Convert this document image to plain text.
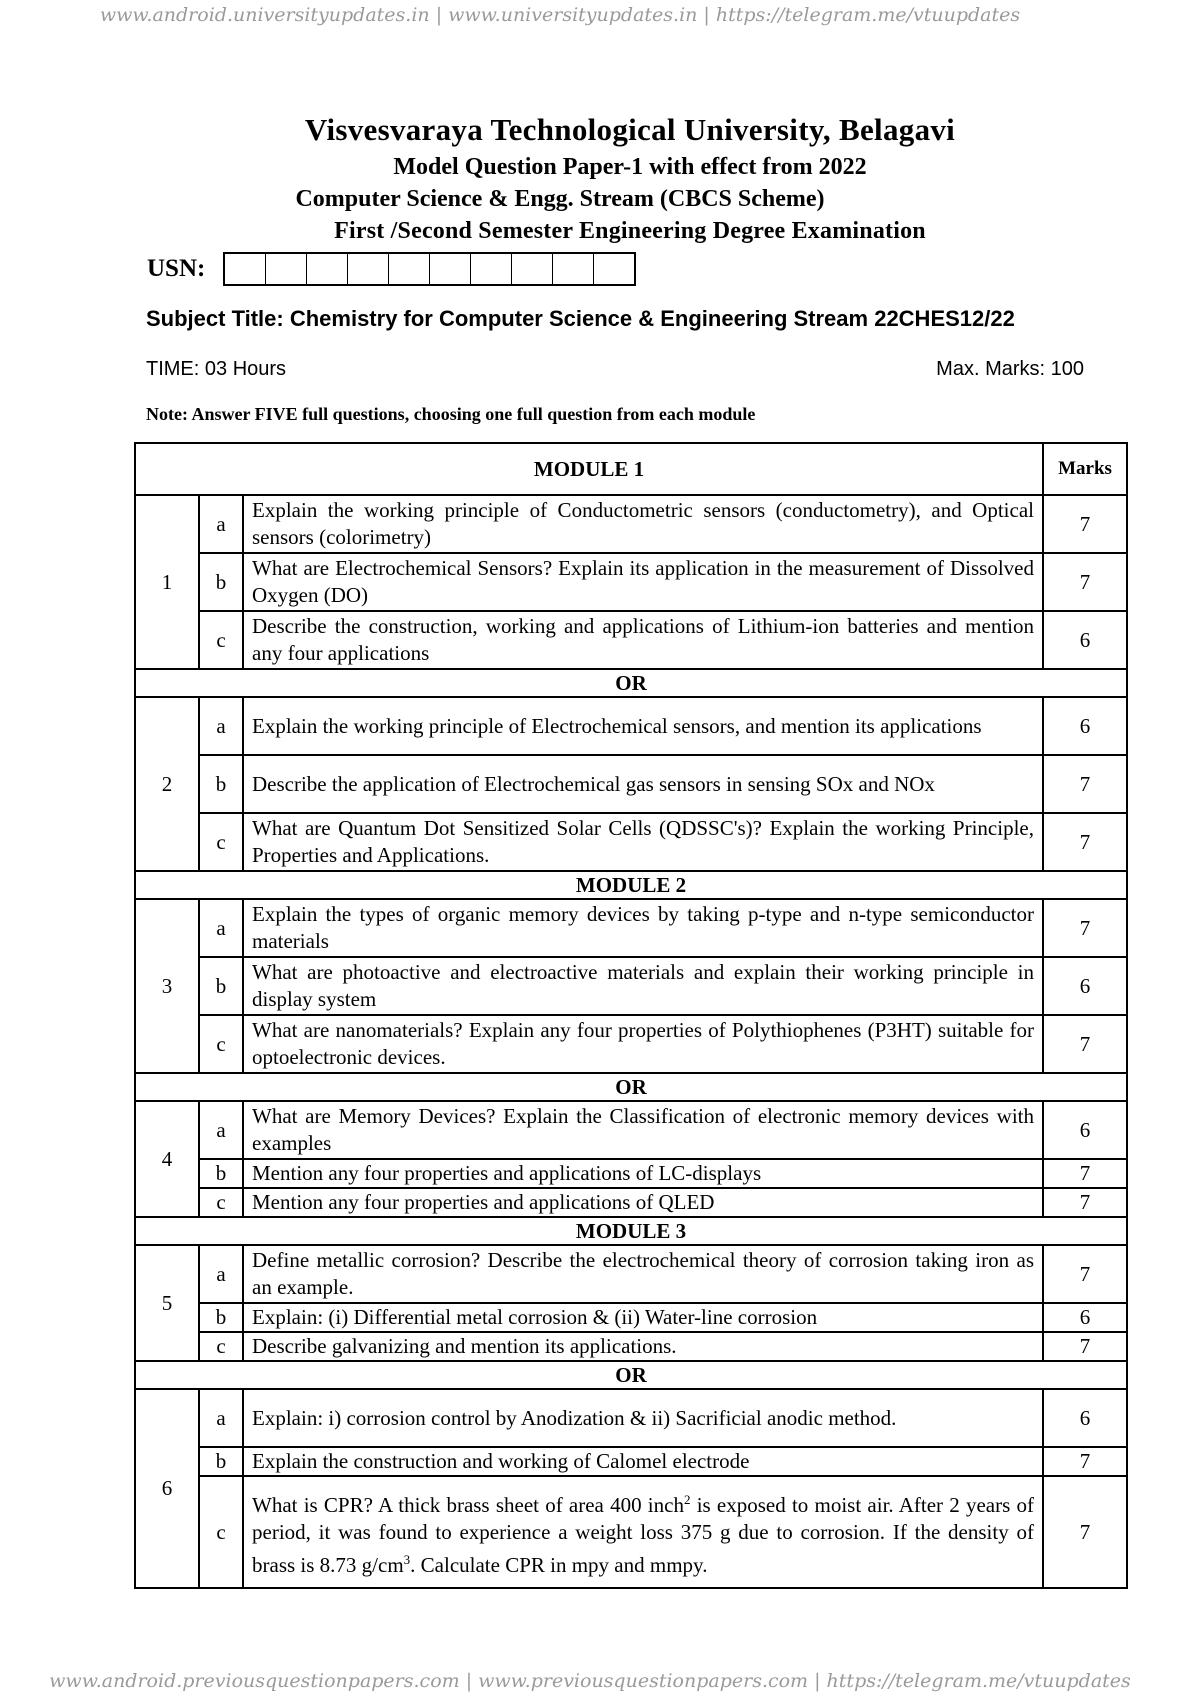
www.android.universityupdates.in | www.universityupdates.in | https://telegram.me/vtuupdates
Visvesvaraya Technological University, Belagavi
Model Question Paper-1 with effect from 2022
Computer Science & Engg. Stream (CBCS Scheme)
First /Second Semester Engineering Degree Examination
USN:
Subject Title: Chemistry for Computer Science & Engineering Stream 22CHES12/22
TIME: 03 Hours	Max. Marks: 100
Note: Answer FIVE full questions, choosing one full question from each module
MODULE 1			Marks
1	a	Explain the working principle of Conductometric sensors (conductometry), and Optical sensors (colorimetry)	7
	b	What are Electrochemical Sensors? Explain its application in the measurement of Dissolved Oxygen (DO)	7
	c	Describe the construction, working and applications of Lithium-ion batteries and mention any four applications	6
OR			
2	a	Explain the working principle of Electrochemical sensors, and mention its applications	6
	b	Describe the application of Electrochemical gas sensors in sensing SOx and NOx	7
	c	What are Quantum Dot Sensitized Solar Cells (QDSSC's)? Explain the working Principle, Properties and Applications.	7
MODULE 2			
3	a	Explain the types of organic memory devices by taking p-type and n-type semiconductor materials	7
	b	What are photoactive and electroactive materials and explain their working principle in display system	6
	c	What are nanomaterials? Explain any four properties of Polythiophenes (P3HT) suitable for optoelectronic devices.	7
OR			
4	a	What are Memory Devices? Explain the Classification of electronic memory devices with examples	6
	b	Mention any four properties and applications of LC-displays	7
	c	Mention any four properties and applications of QLED	7
MODULE 3			
5	a	Define metallic corrosion? Describe the electrochemical theory of corrosion taking iron as an example.	7
	b	Explain: (i) Differential metal corrosion & (ii) Water-line corrosion	6
	c	Describe galvanizing and mention its applications.	7
OR			
6	a	Explain: i) corrosion control by Anodization & ii) Sacrificial anodic method.	6
	b	Explain the construction and working of Calomel electrode	7
	c	What is CPR? A thick brass sheet of area 400 inch$^2$ is exposed to moist air. After 2 years of period, it was found to experience a weight loss 375 g due to corrosion. If the density of brass is 8.73 $g/cm^3$. Calculate CPR in mpy and mmpy.	7
www.android.previousquestionpapers.com | www.previousquestionpapers.com | https://telegram.me/vtuupdates
